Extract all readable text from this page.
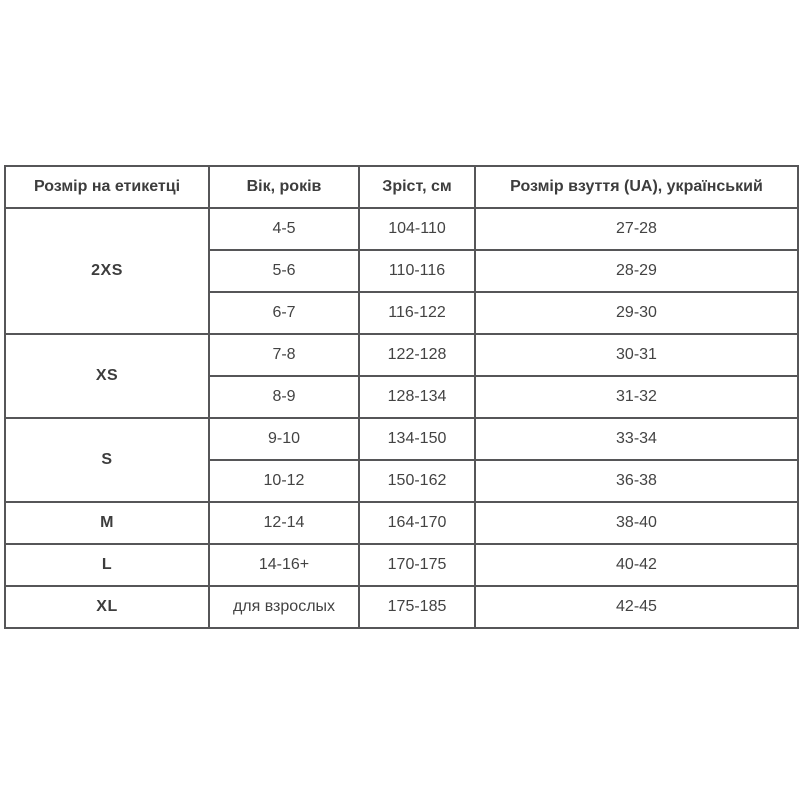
Розмір на етикетці	Вік, років	Зріст, см	Розмір взуття (UA), український
2XS	4-5	104-110	27-28
	5-6	110-116	28-29
	6-7	116-122	29-30
XS	7-8	122-128	30-31
	8-9	128-134	31-32
S	9-10	134-150	33-34
	10-12	150-162	36-38
M	12-14	164-170	38-40
L	14-16+	170-175	40-42
XL	для взрослых	175-185	42-45
